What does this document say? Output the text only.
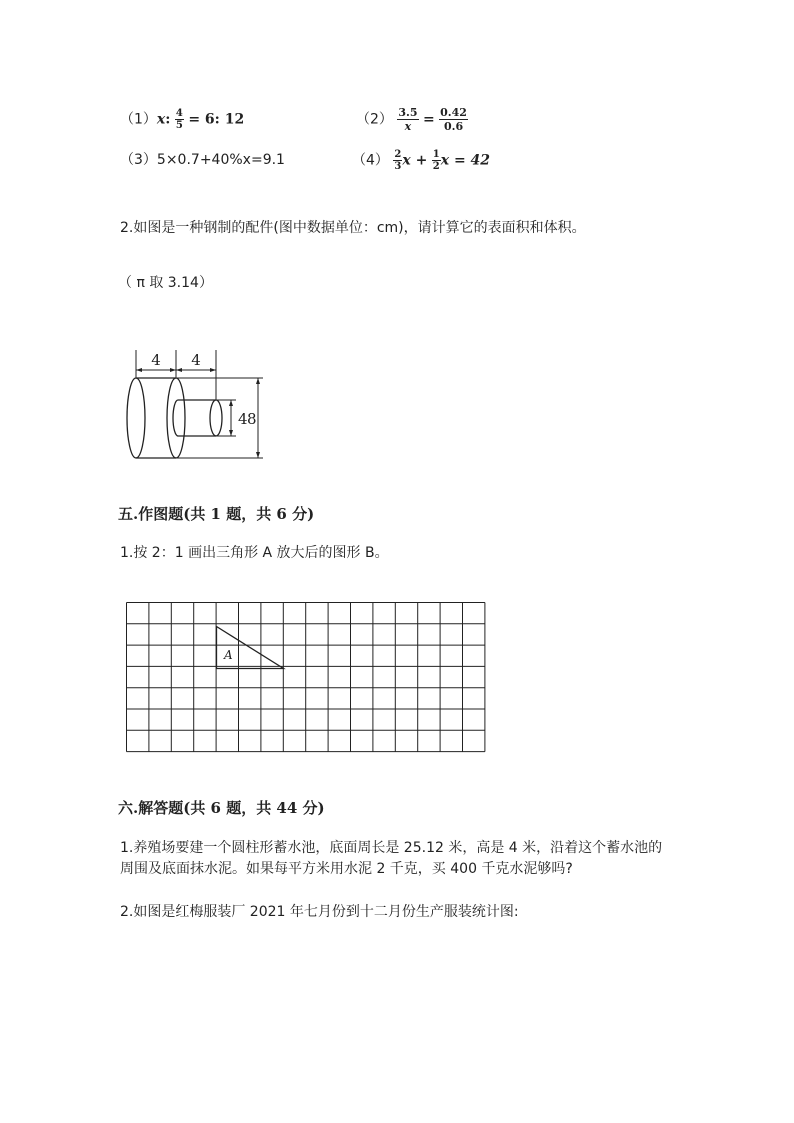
（1）x: $\frac{4}{5} = 6$: 12	$(2) \frac{3.5}{x} = \frac{0.42}{0.6}$
（3）5×0.7+40%x=9.1	$(4) \frac{2}{3}$ $x + \frac{1}{2}$ x = 42
2.如图是一种钢制的配件(图中数据单位：cm)，请计算它的表面积和体积。
（ π 取 3.14）
4 4
4 8
五.作图题(共 1 题，共 6 分)
1.按 2：1 画出三角形 A 放大后的图形 B。
A
六.解答题(共 6 题，共 44 分)
1.养殖场要建一个圆柱形蓄水池，底面周长是 25.12 米，高是 4 米，沿着这个蓄水池的周围及底面抹水泥。如果每平方米用水泥 2 千克，买 400 千克水泥够吗?
2.如图是红梅服装厂 2021 年七月份到十二月份生产服装统计图:
